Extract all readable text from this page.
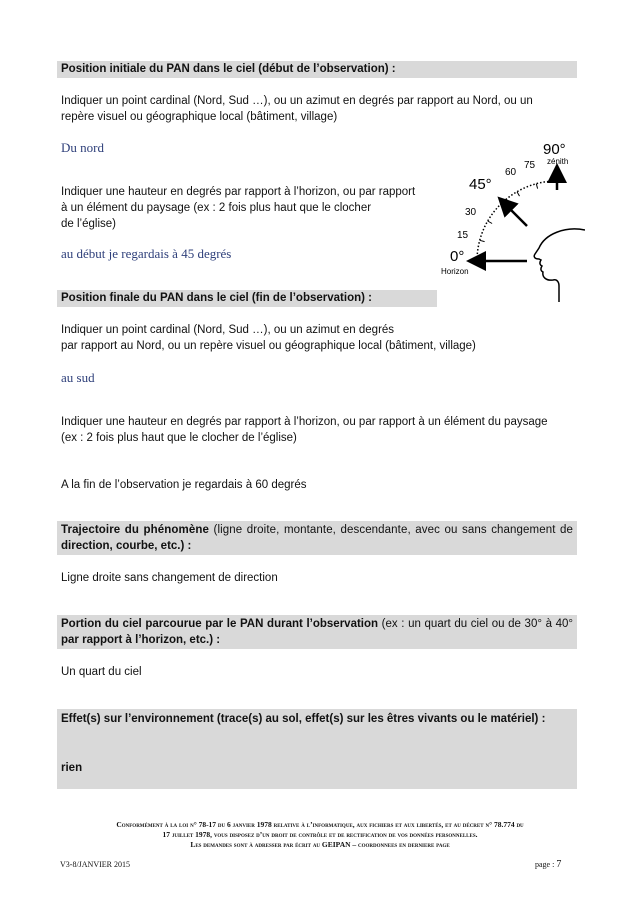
Position initiale du PAN dans le ciel (début de l’observation) :
Indiquer un point cardinal (Nord, Sud …), ou un azimut en degrés par rapport au Nord, ou un
repère visuel ou géographique local (bâtiment, village)
Du nord
Indiquer une hauteur en degrés par rapport à l’horizon, ou par rapport
à un élément du paysage (ex : 2 fois plus haut que le clocher
de l’église)
au début je regardais à 45 degrés	0°
Horizon
15
30
45°
60
75
90°
zénith
Position finale du PAN dans le ciel (fin de l’observation) :
Indiquer un point cardinal (Nord, Sud …), ou un azimut en degrés
par rapport au Nord, ou un repère visuel ou géographique local (bâtiment, village)
au sud
Indiquer une hauteur en degrés par rapport à l’horizon, ou par rapport à un élément du paysage
(ex : 2 fois plus haut que le clocher de l’église)
A la fin de l’observation je regardais à 60 degrés
Trajectoire du phénomène (ligne droite, montante, descendante, avec ou sans changement de
direction, courbe, etc.) :
Ligne droite sans changement de direction
Portion du ciel parcourue par le PAN durant l’observation (ex : un quart du ciel ou de 30° à 40°
par rapport à l’horizon, etc.) :
Un quart du ciel
Effet(s) sur l’environnement (trace(s) au sol, effet(s) sur les êtres vivants ou le matériel) :
rien
Conformément à la loi n° 78-17 du 6 janvier 1978 relative à l’informatique, aux fichiers et aux libertés, et au décret n° 78.774 du
17 juillet 1978, vous disposez d’un droit de contrôle et de rectification de vos données personnelles.
Les demandes sont à adresser par écrit au GEIPAN – coordonnees en derniere page
V3-8/JANVIER 2015	page : 7
